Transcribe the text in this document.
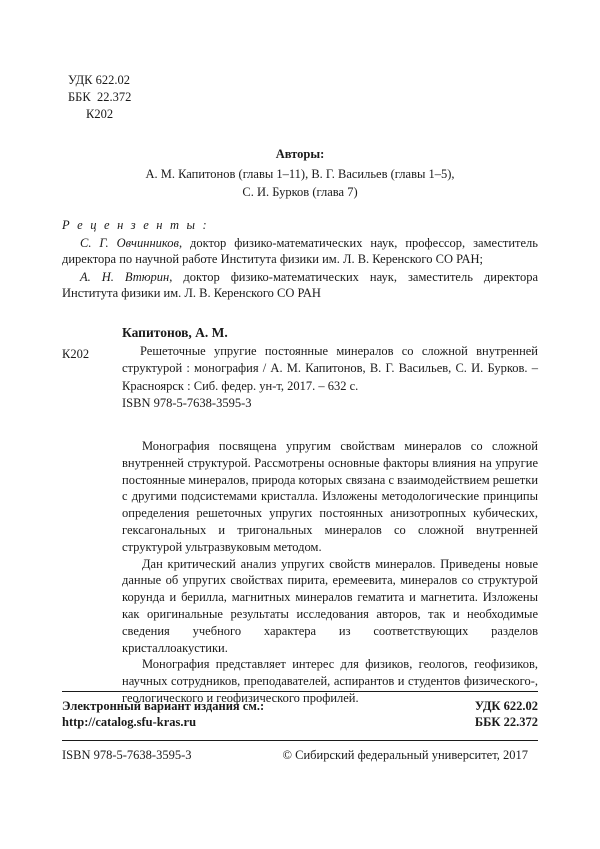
УДК 622.02
ББК  22.372
К202
Авторы:
А. М. Капитонов (главы 1–11), В. Г. Васильев (главы 1–5),
С. И. Бурков (глава 7)
Р е ц е н з е н т ы :
С. Г. Овчинников, доктор физико-математических наук, профессор, заместитель директора по научной работе Института физики им. Л. В. Керенского СО РАН;
А. Н. Втюрин, доктор физико-математических наук, заместитель директора Института физики им. Л. В. Керенского СО РАН
К202
Капитонов, А. М.
Решеточные упругие постоянные минералов со сложной внутренней структурой : монография / А. М. Капитонов, В. Г. Васильев, С. И. Бурков. – Красноярск : Сиб. федер. ун-т, 2017. – 632 с.
ISBN 978-5-7638-3595-3

Монография посвящена упругим свойствам минералов со сложной внутренней структурой. Рассмотрены основные факторы влияния на упругие постоянные минералов, природа которых связана с взаимодействием решетки с другими подсистемами кристалла. Изложены методологические принципы определения решеточных упругих постоянных анизотропных кубических, гексагональных и тригональных минералов со сложной внутренней структурой ультразвуковым методом.

Дан критический анализ упругих свойств минералов. Приведены новые данные об упругих свойствах пирита, еремеевита, минералов со структурой корунда и берилла, магнитных минералов гематита и магнетита. Изложены как оригинальные результаты исследования авторов, так и необходимые сведения учебного характера из соответствующих разделов кристаллоакустики.

Монография представляет интерес для физиков, геологов, геофизиков, научных сотрудников, преподавателей, аспирантов и студентов физического-, геологического и геофизического профилей.

Электронный вариант издания см.:
http://catalog.sfu-kras.ru
УДК 622.02
ББК 22.372
ISBN 978-5-7638-3595-3	© Сибирский федеральный университет, 2017
